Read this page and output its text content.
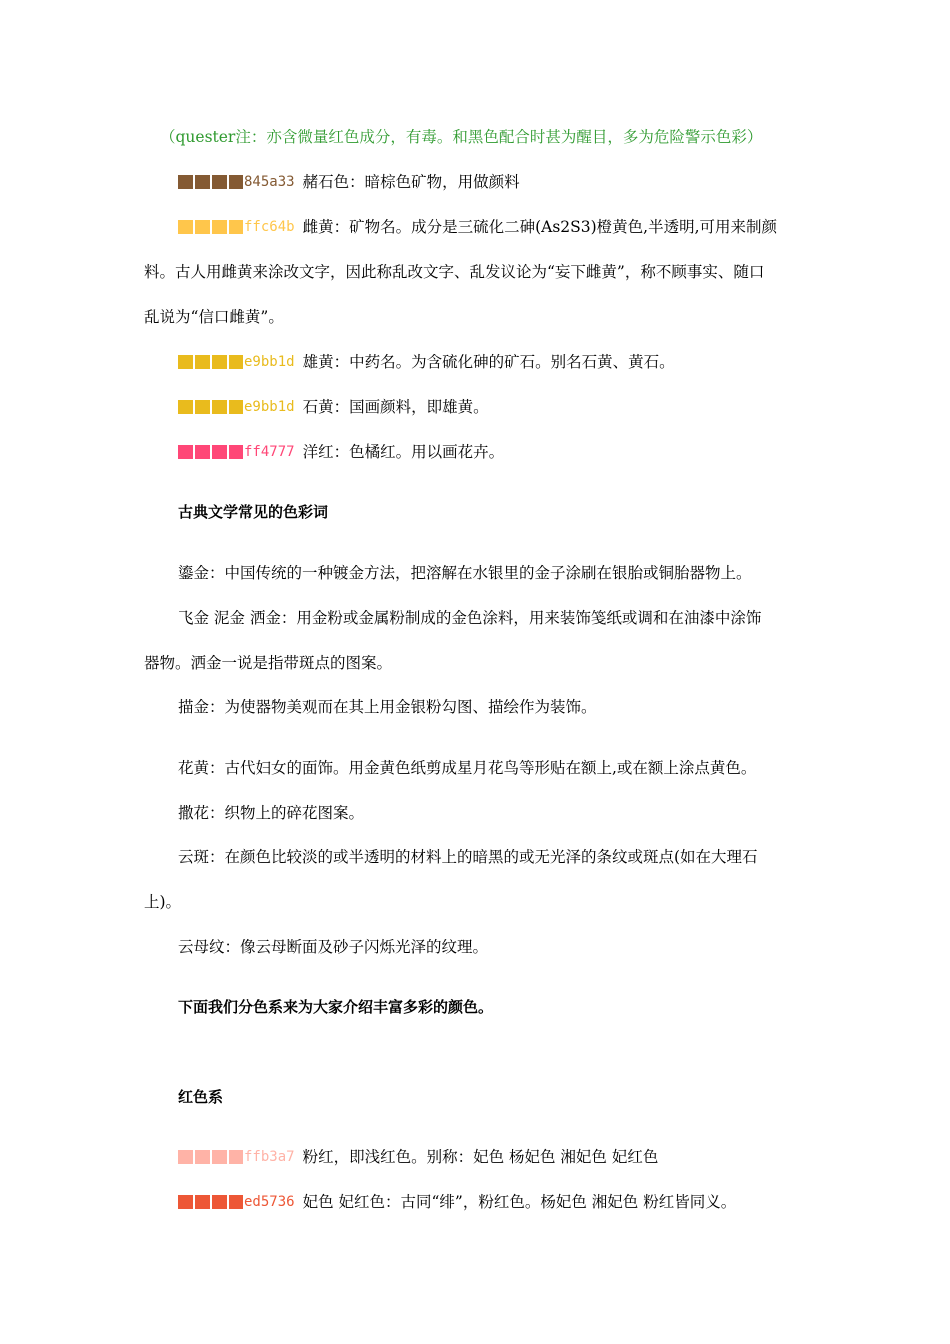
（quester注：亦含微量红色成分，有毒。和黑色配合时甚为醒目，多为危险警示色彩）
845a33 赭石色：暗棕色矿物，用做颜料
ffc64b 雌黄：矿物名。成分是三硫化二砷(As2S3)橙黄色,半透明,可用来制颜
料。古人用雌黄来涂改文字，因此称乱改文字、乱发议论为“妄下雌黄”，称不顾事实、随口
乱说为“信口雌黄”。
e9bb1d 雄黄：中药名。为含硫化砷的矿石。别名石黄、黄石。
e9bb1d 石黄：国画颜料，即雄黄。
ff4777 洋红：色橘红。用以画花卉。
古典文学常见的色彩词
鎏金：中国传统的一种镀金方法，把溶解在水银里的金子涂刷在银胎或铜胎器物上。
飞金 泥金 洒金：用金粉或金属粉制成的金色涂料，用来装饰笺纸或调和在油漆中涂饰
器物。洒金一说是指带斑点的图案。
描金：为使器物美观而在其上用金银粉勾图、描绘作为装饰。
花黄：古代妇女的面饰。用金黄色纸剪成星月花鸟等形贴在额上,或在额上涂点黄色。
撒花：织物上的碎花图案。
云斑：在颜色比较淡的或半透明的材料上的暗黑的或无光泽的条纹或斑点(如在大理石
上)。
云母纹：像云母断面及砂子闪烁光泽的纹理。
下面我们分色系来为大家介绍丰富多彩的颜色。
红色系
ffb3a7 粉红，即浅红色。别称：妃色 杨妃色 湘妃色 妃红色
ed5736 妃色 妃红色：古同“绯”，粉红色。杨妃色 湘妃色 粉红皆同义。
